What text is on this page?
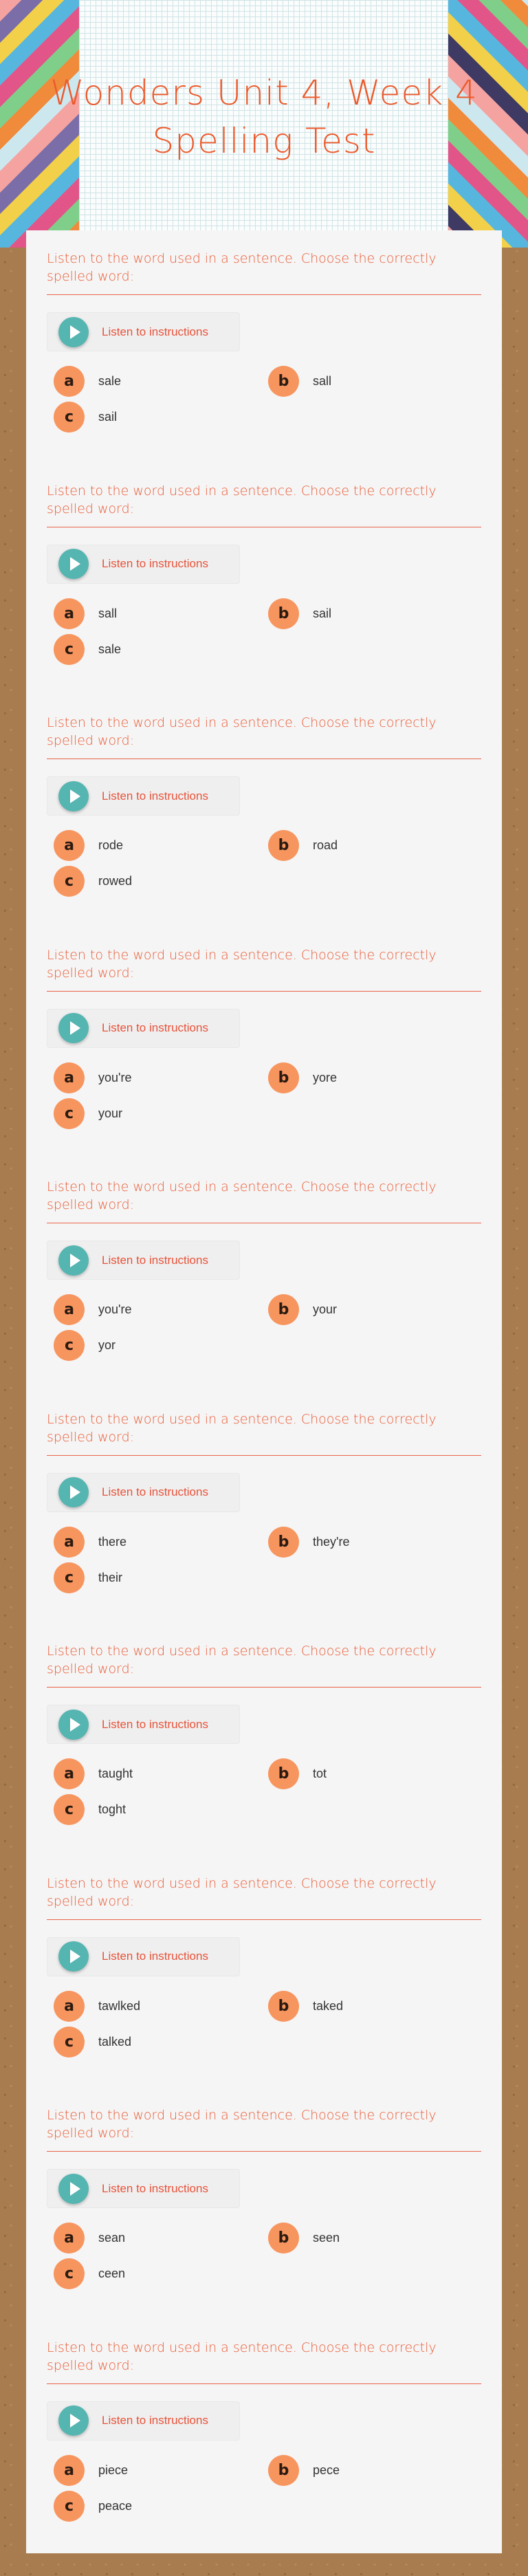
Wonders Unit 4, Week 4 Spelling Test
Listen to the word used in a sentence. Choose the correctly spelled word:
Listen to instructions
a	sale	b	sall
c	sail
Listen to the word used in a sentence. Choose the correctly spelled word:
Listen to instructions
a	sall	b	sail
c	sale
Listen to the word used in a sentence. Choose the correctly spelled word:
Listen to instructions
a	rode	b	road
c	rowed
Listen to the word used in a sentence. Choose the correctly spelled word:
Listen to instructions
a	you're	b	yore
c	your
Listen to the word used in a sentence. Choose the correctly spelled word:
Listen to instructions
a	you're	b	your
c	yor
Listen to the word used in a sentence. Choose the correctly spelled word:
Listen to instructions
a	there	b	they're
c	their
Listen to the word used in a sentence. Choose the correctly spelled word:
Listen to instructions
a	taught	b	tot
c	toght
Listen to the word used in a sentence. Choose the correctly spelled word:
Listen to instructions
a	tawlked	b	taked
c	talked
Listen to the word used in a sentence. Choose the correctly spelled word:
Listen to instructions
a	sean	b	seen
c	ceen
Listen to the word used in a sentence. Choose the correctly spelled word:
Listen to instructions
a	piece	b	pece
c	peace
